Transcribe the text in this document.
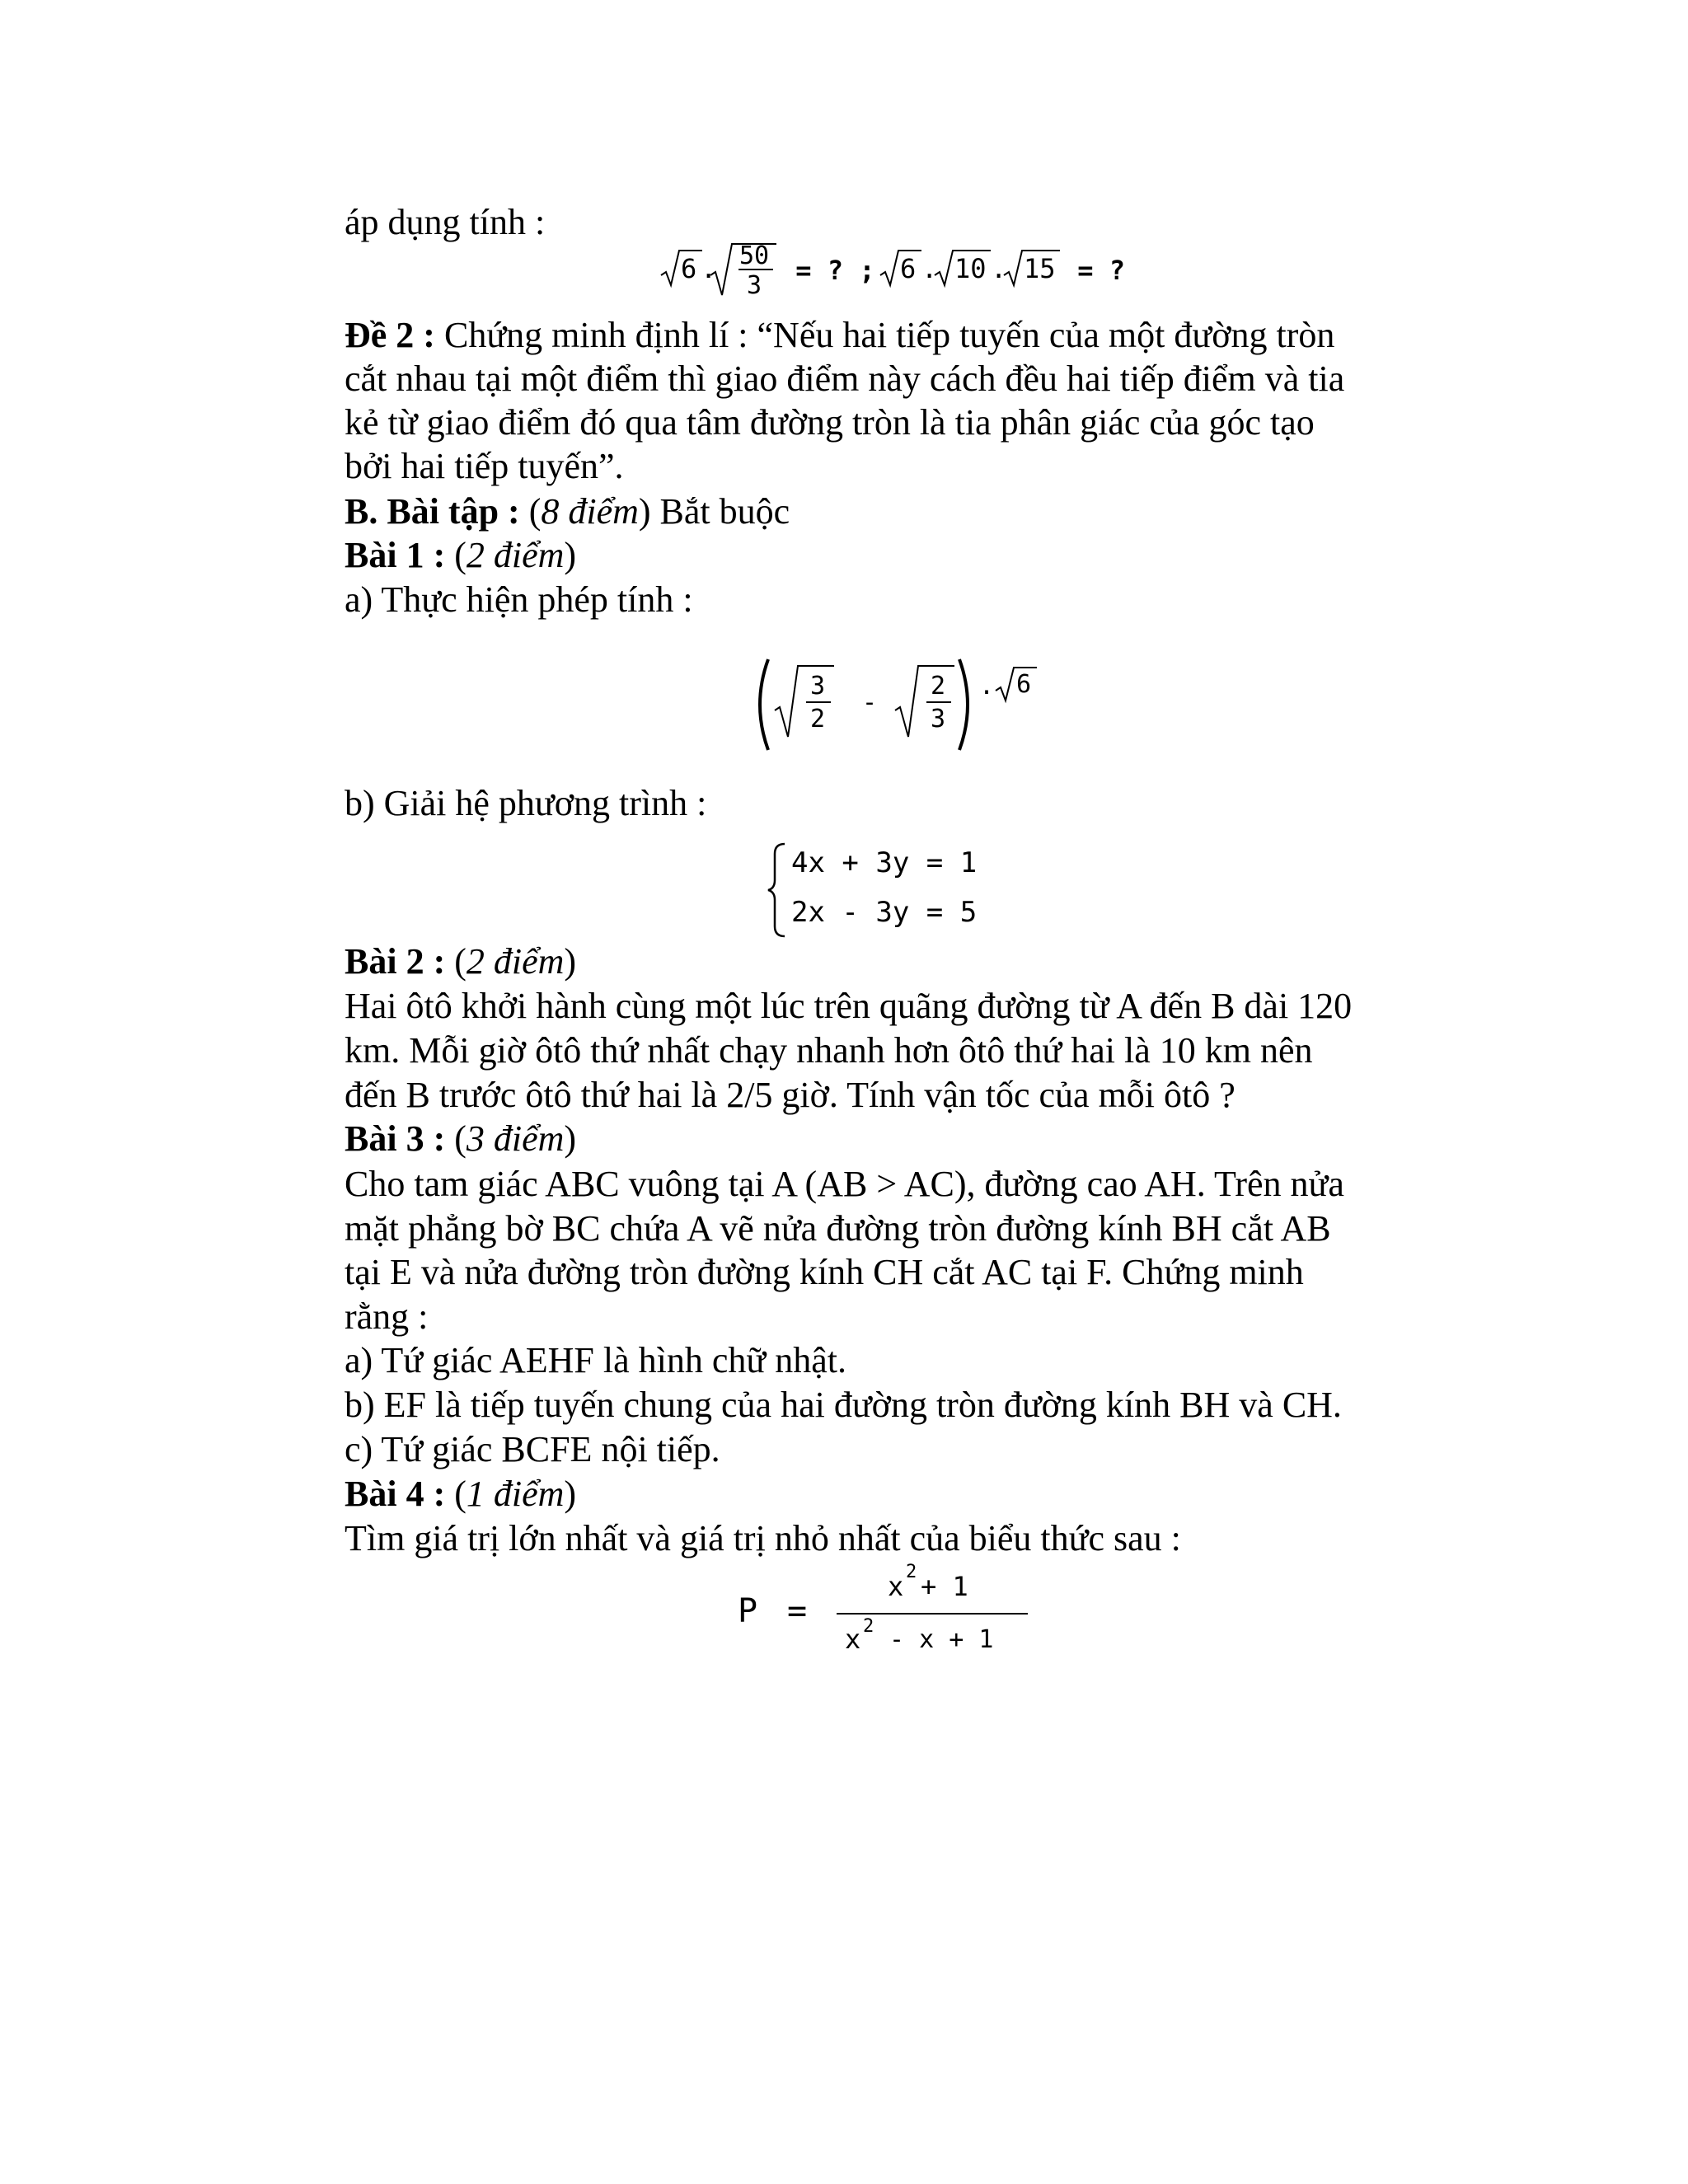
áp dụng tính :
6 . 50
3 = ? ; 6 . 10 . 15 = ?
Đề 2 : Chứng minh định lí : “Nếu hai tiếp tuyến của một đường tròn
cắt nhau tại một điểm thì giao điểm này cách đều hai tiếp điểm và tia
kẻ từ giao điểm đó qua tâm đường tròn là tia phân giác của góc tạo
bởi hai tiếp tuyến”.
B. Bài tập : (8 điểm) Bắt buộc
Bài 1 : (2 điểm)
a) Thực hiện phép tính :
3
2
-
2
3
. 6
b) Giải hệ phương trình :
4x + 3y = 1
2x - 3y = 5
Bài 2 : (2 điểm)
Hai ôtô khởi hành cùng một lúc trên quãng đường từ A đến B dài 120
km. Mỗi giờ ôtô thứ nhất chạy nhanh hơn ôtô thứ hai là 10 km nên
đến B trước ôtô thứ hai là 2/5 giờ. Tính vận tốc của mỗi ôtô ?
Bài 3 : (3 điểm)
Cho tam giác ABC vuông tại A (AB > AC), đường cao AH. Trên nửa
mặt phẳng bờ BC chứa A vẽ nửa đường tròn đường kính BH cắt AB
tại E và nửa đường tròn đường kính CH cắt AC tại F. Chứng minh
rằng :
a) Tứ giác AEHF là hình chữ nhật.
b) EF là tiếp tuyến chung của hai đường tròn đường kính BH và CH.
c) Tứ giác BCFE nội tiếp.
Bài 4 : (1 điểm)
Tìm giá trị lớn nhất và giá trị nhỏ nhất của biểu thức sau :
P =
x 2 + 1
x 2 - x + 1
